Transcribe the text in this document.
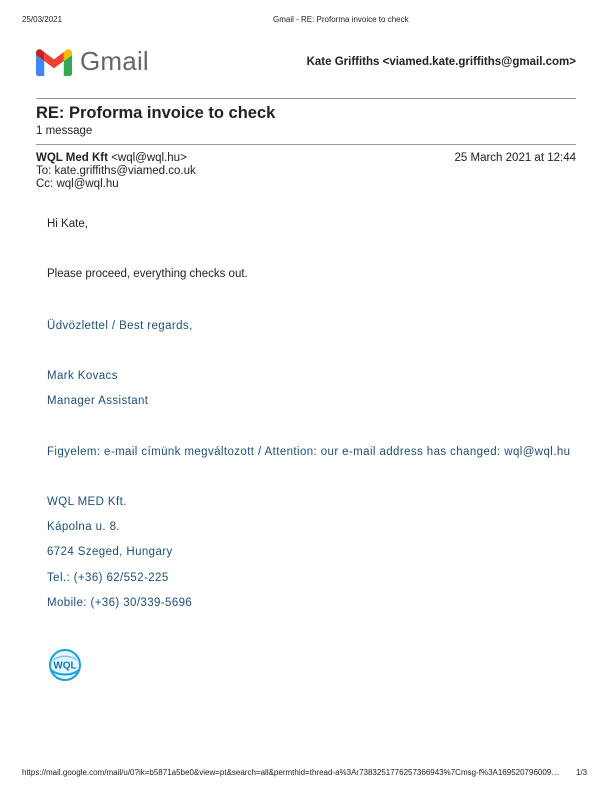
25/03/2021	Gmail - RE: Proforma invoice to check
Gmail	Kate Griffiths <viamed.kate.griffiths@gmail.com>
RE: Proforma invoice to check
1 message
WQL Med Kft <wql@wql.hu>	25 March 2021 at 12:44
To: kate.griffiths@viamed.co.uk
Cc: wql@wql.hu
Hi Kate,
Please proceed, everything checks out.
Üdvözlettel / Best regards,
Mark Kovacs
Manager Assistant
Figyelem: e-mail címünk megváltozott / Attention: our e-mail address has changed: wql@wql.hu
WQL MED Kft.
Kápolna u. 8.
6724 Szeged, Hungary
Tel.: (+36) 62/552-225
Mobile: (+36) 30/339-5696
WQL
https://mail.google.com/mail/u/0?ik=b5871a5be0&view=pt&search=all&permthid=thread-a%3Ar7383251776257366943%7Cmsg-f%3A169520796009…	1/3
